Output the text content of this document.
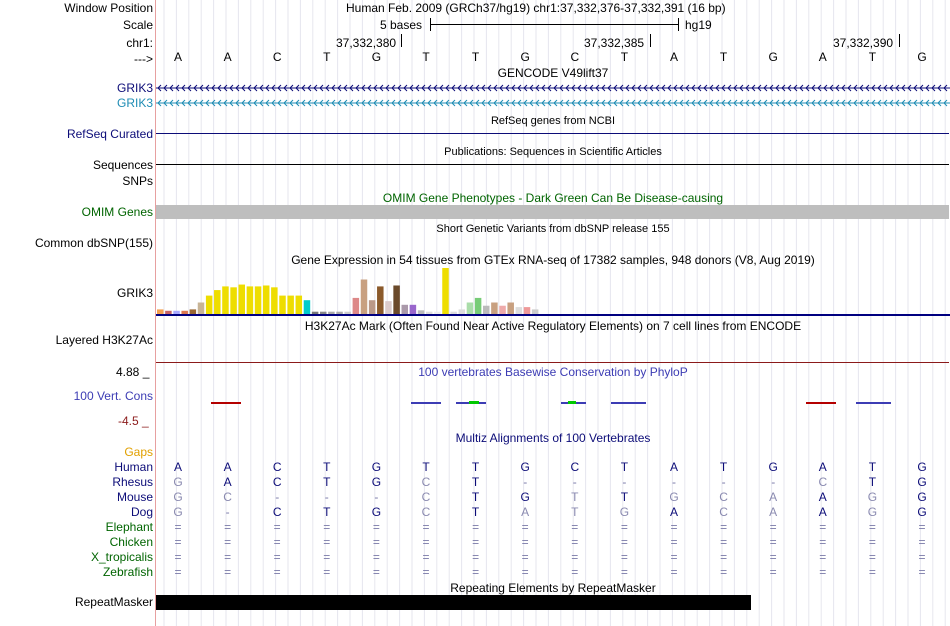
Window Position	Human Feb. 2009 (GRCh37/hg19) chr1:37,332,376-37,332,391 (16 bp)
Scale	5 bases	hg19
chr1:	37,332,380	37,332,385	37,332,390
--->	A	A	C	T	G	T	T	G	C	T	A	T	G	A	T	G
GENCODE V49lift37
GRIK3
GRIK3
RefSeq genes from NCBI
RefSeq Curated
Publications: Sequences in Scientific Articles
Sequences
SNPs
OMIM Gene Phenotypes - Dark Green Can Be Disease-causing
OMIM Genes
Short Genetic Variants from dbSNP release 155
Common dbSNP(155)
Gene Expression in 54 tissues from GTEx RNA-seq of 17382 samples, 948 donors (V8, Aug 2019)
GRIK3
H3K27Ac Mark (Often Found Near Active Regulatory Elements) on 7 cell lines from ENCODE
Layered H3K27Ac
4.88 _	100 vertebrates Basewise Conservation by PhyloP
100 Vert. Cons
-4.5 _
Multiz Alignments of 100 Vertebrates
Gaps
Human	A	A	C	T	G	T	T	G	C	T	A	T	G	A	T	G
Rhesus	G	A	C	T	G	C	T	-	-	-	-	-	-	C	T	G
Mouse	G	C	-	-	-	C	T	G	T	T	G	C	A	A	G	G
Dog	G	-	C	T	G	C	T	A	T	G	A	C	A	A	G	G
Elephant	=	=	=	=	=	=	=	=	=	=	=	=	=	=	=	=
Chicken	=	=	=	=	=	=	=	=	=	=	=	=	=	=	=	=
X_tropicalis	=	=	=	=	=	=	=	=	=	=	=	=	=	=	=	=
Zebrafish	=	=	=	=	=	=	=	=	=	=	=	=	=	=	=	=
Repeating Elements by RepeatMasker
RepeatMasker
